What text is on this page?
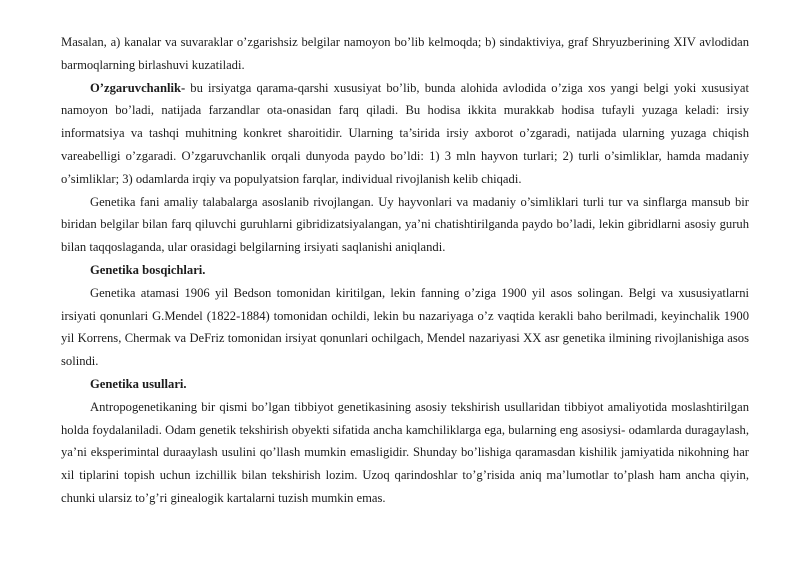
Masalan, a) kanalar va suvaraklar o’zgarishsiz belgilar namoyon bo’lib kelmoqda; b) sindaktiviya, graf Shryuzberining XIV avlodidan barmoqlarning birlashuvi kuzatiladi.

O’zgaruvchanlik- bu irsiyatga qarama-qarshi xususiyat bo’lib, bunda alohida avlodida o’ziga xos yangi belgi yoki xususiyat namoyon bo’ladi, natijada farzandlar ota-onasidan farq qiladi. Bu hodisa ikkita murakkab hodisa tufayli yuzaga keladi: irsiy informatsiya va tashqi muhitning konkret sharoitidir. Ularning ta’sirida irsiy axborot o’zgaradi, natijada ularning yuzaga chiqish vareabelligi o’zgaradi. O’zgaruvchanlik orqali dunyoda paydo bo’ldi: 1) 3 mln hayvon turlari; 2) turli o’simliklar, hamda madaniy o’simliklar; 3) odamlarda irqiy va populyatsion farqlar, individual rivojlanish kelib chiqadi.

Genetika fani amaliy talabalarga asoslanib rivojlangan. Uy hayvonlari va madaniy o’simliklari turli tur va sinflarga mansub bir biridan belgilar bilan farq qiluvchi guruhlarni gibridizatsiyalangan, ya’ni chatishtirilganda paydo bo’ladi, lekin gibridlarni asosiy guruh bilan taqqoslaganda, ular orasidagi belgilarning irsiyati saqlanishi aniqlandi.

Genetika bosqichlari.

Genetika atamasi 1906 yil Bedson tomonidan kiritilgan, lekin fanning o’ziga 1900 yil asos solingan. Belgi va xususiyatlarni irsiyati qonunlari G.Mendel (1822-1884) tomonidan ochildi, lekin bu nazariyaga o’z vaqtida kerakli baho berilmadi, keyinchalik 1900 yil Korrens, Chermak va DeFriz tomonidan irsiyat qonunlari ochilgach, Mendel nazariyasi XX asr genetika ilmining rivojlanishiga asos solindi.

Genetika usullari.

Antropogenetikaning bir qismi bo’lgan tibbiyot genetikasining asosiy tekshirish usullaridan tibbiyot amaliyotida moslashtirilgan holda foydalaniladi. Odam genetik tekshirish obyekti sifatida ancha kamchiliklarga ega, bularning eng asosiysi- odamlarda duragaylash, ya’ni eksperimintal duraaylash usulini qo’llash mumkin emasligidir. Shunday bo’lishiga qaramasdan kishilik jamiyatida nikohning har xil tiplarini topish uchun izchillik bilan tekshirish lozim. Uzoq qarindoshlar to’g’risida aniq ma’lumotlar to’plash ham ancha qiyin, chunki ularsiz to’g’ri ginealogik kartalarni tuzish mumkin emas.
